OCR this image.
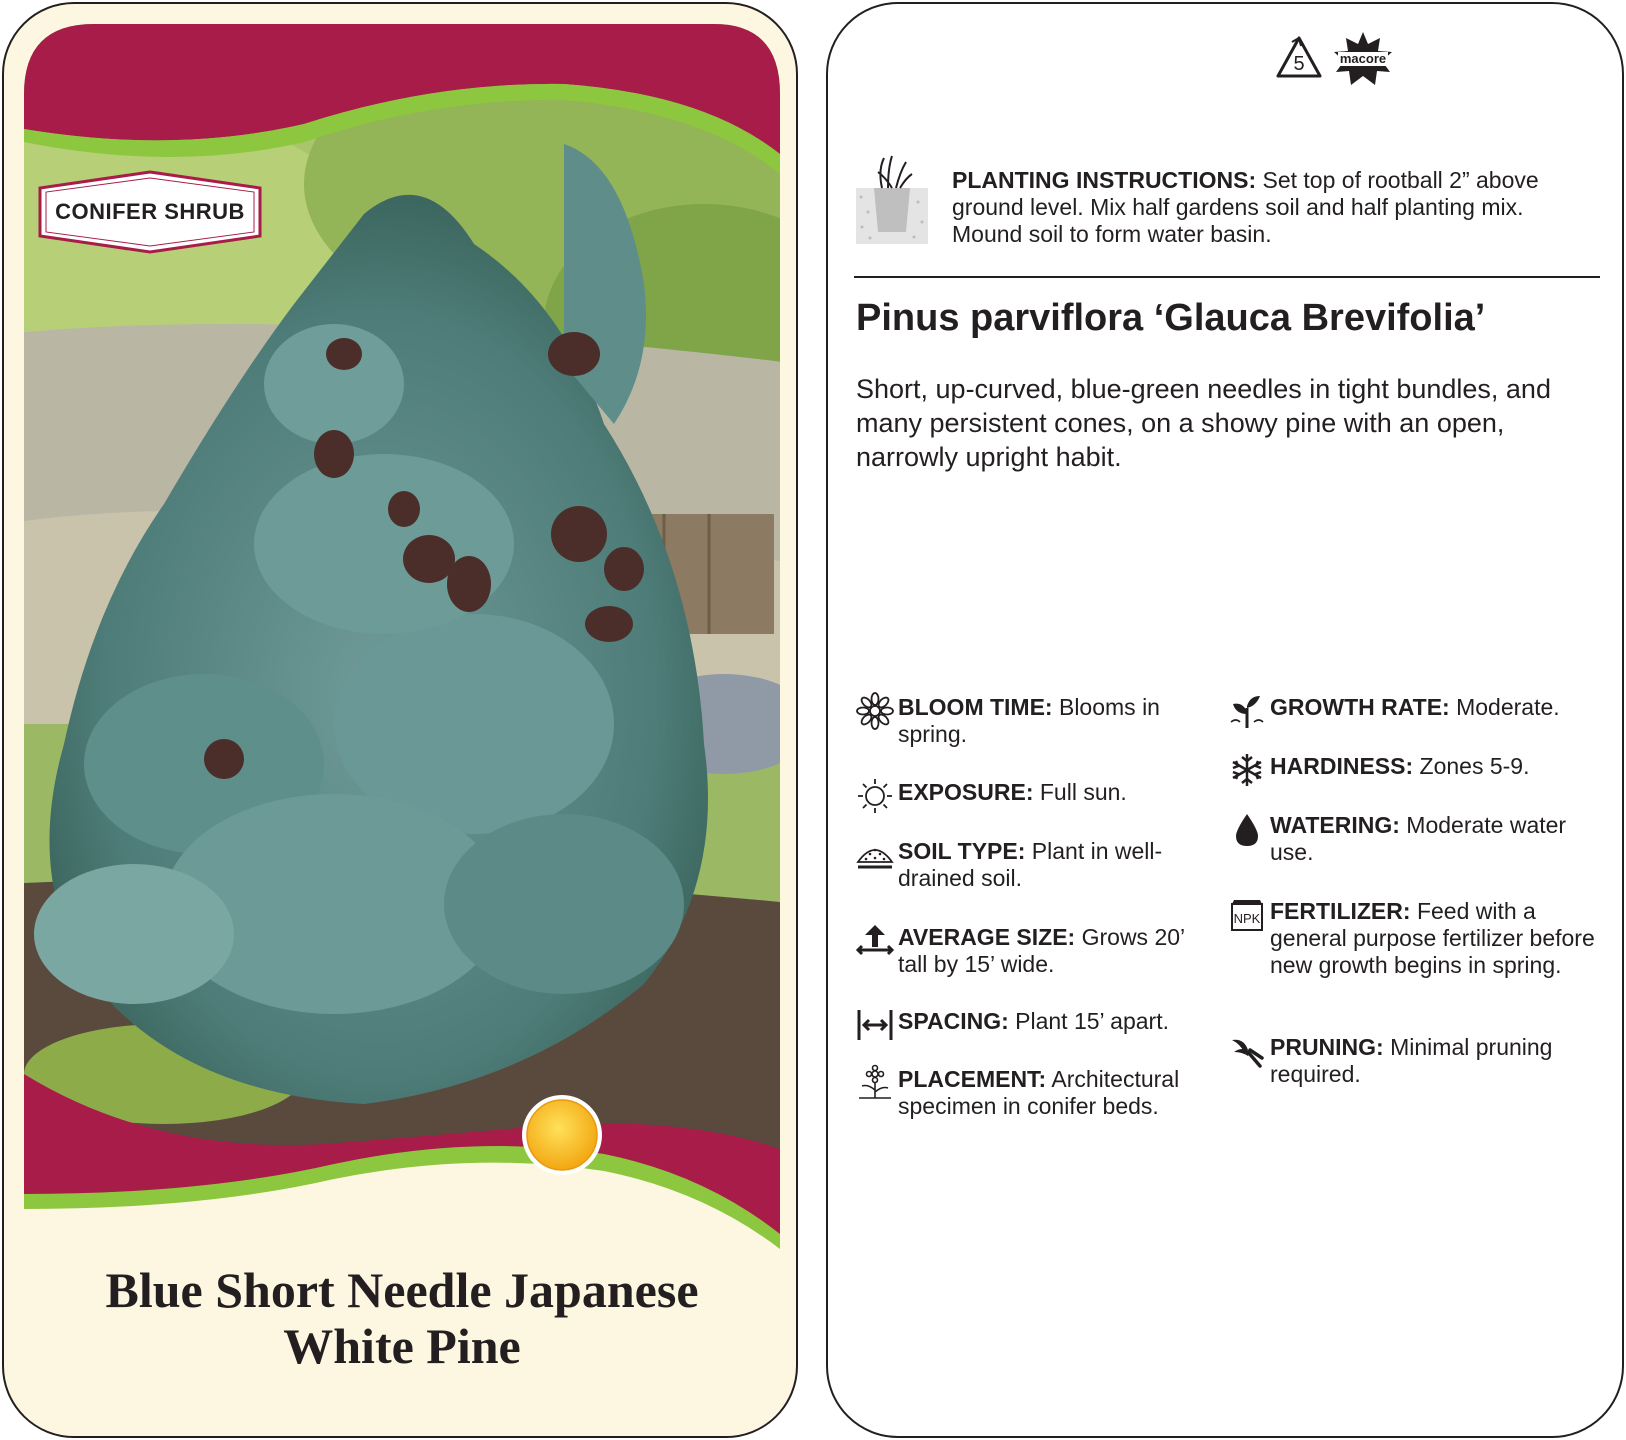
CONIFER SHRUB
Blue Short Needle Japanese
White Pine
5	macore
PLANTING INSTRUCTIONS: Set top of rootball 2” above ground level. Mix half gardens soil and half planting mix. Mound soil to form water basin.
Pinus parviflora ‘Glauca Brevifolia’
Short, up-curved, blue-green needles in tight bundles, and many persistent cones, on a showy pine with an open, narrowly upright habit.
BLOOM TIME: Blooms in spring.
EXPOSURE: Full sun.
SOIL TYPE: Plant in well-drained soil.
AVERAGE SIZE: Grows 20’ tall by 15’ wide.
SPACING: Plant 15’ apart.
PLACEMENT: Architectural specimen in conifer beds.
GROWTH RATE: Moderate.
HARDINESS: Zones 5-9.
WATERING: Moderate water use.
NPK FERTILIZER: Feed with a general purpose fertilizer before new growth begins in spring.
PRUNING: Minimal pruning required.
